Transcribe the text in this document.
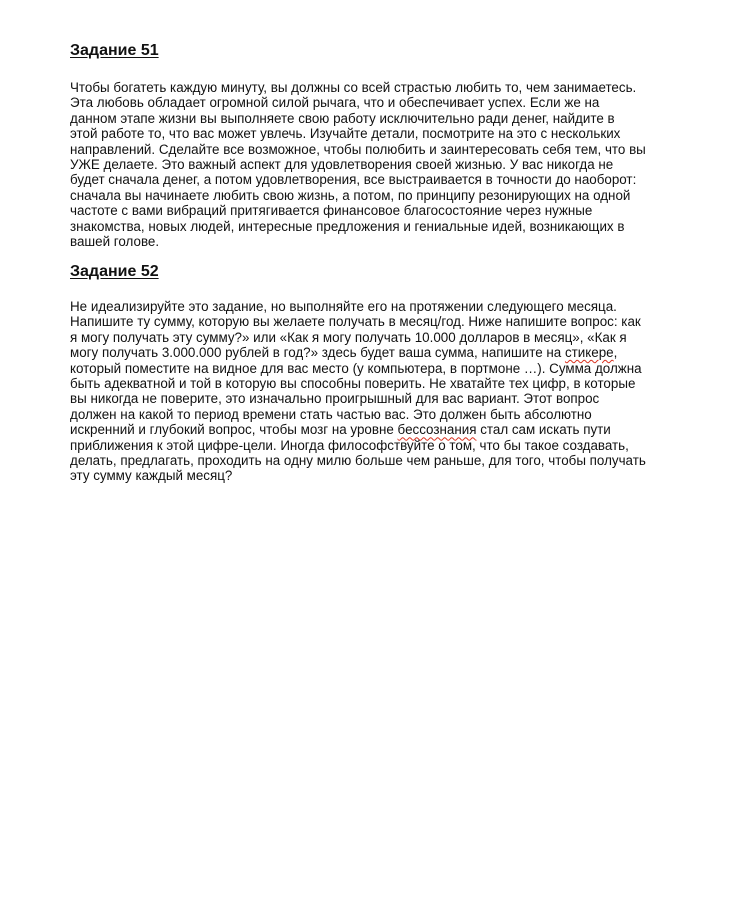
Задание 51

Чтобы богатеть каждую минуту, вы должны со всей страстью любить то, чем занимаетесь.
Эта любовь обладает огромной силой рычага, что и обеспечивает успех. Если же на
данном этапе жизни вы выполняете свою работу исключительно ради денег, найдите в
этой работе то, что вас может увлечь. Изучайте детали, посмотрите на это с нескольких
направлений. Сделайте все возможное, чтобы полюбить и заинтересовать себя тем, что вы
УЖЕ делаете. Это важный аспект для удовлетворения своей жизнью. У вас никогда не
будет сначала денег, а потом удовлетворения, все выстраивается в точности до наоборот:
сначала вы начинаете любить свою жизнь, а потом, по принципу резонирующих на одной
частоте с вами вибраций притягивается финансовое благосостояние через нужные
знакомства, новых людей, интересные предложения и гениальные идей, возникающих в
вашей голове.

Задание 52

Не идеализируйте это задание, но выполняйте его на протяжении следующего месяца.
Напишите ту сумму, которую вы желаете получать в месяц/год. Ниже напишите вопрос: как
я могу получать эту сумму?» или «Как я могу получать 10.000 долларов в месяц», «Как я
могу получать 3.000.000 рублей в год?» здесь будет ваша сумма, напишите на стикере,
который поместите на видное для вас место (у компьютера, в портмоне …). Сумма должна
быть адекватной и той в которую вы способны поверить. Не хватайте тех цифр, в которые
вы никогда не поверите, это изначально проигрышный для вас вариант. Этот вопрос
должен на какой то период времени стать частью вас. Это должен быть абсолютно
искренний и глубокий вопрос, чтобы мозг на уровне бессознания стал сам искать пути
приближения к этой цифре-цели. Иногда философствуйте о том, что бы такое создавать,
делать, предлагать, проходить на одну милю больше чем раньше, для того, чтобы получать
эту сумму каждый месяц?
